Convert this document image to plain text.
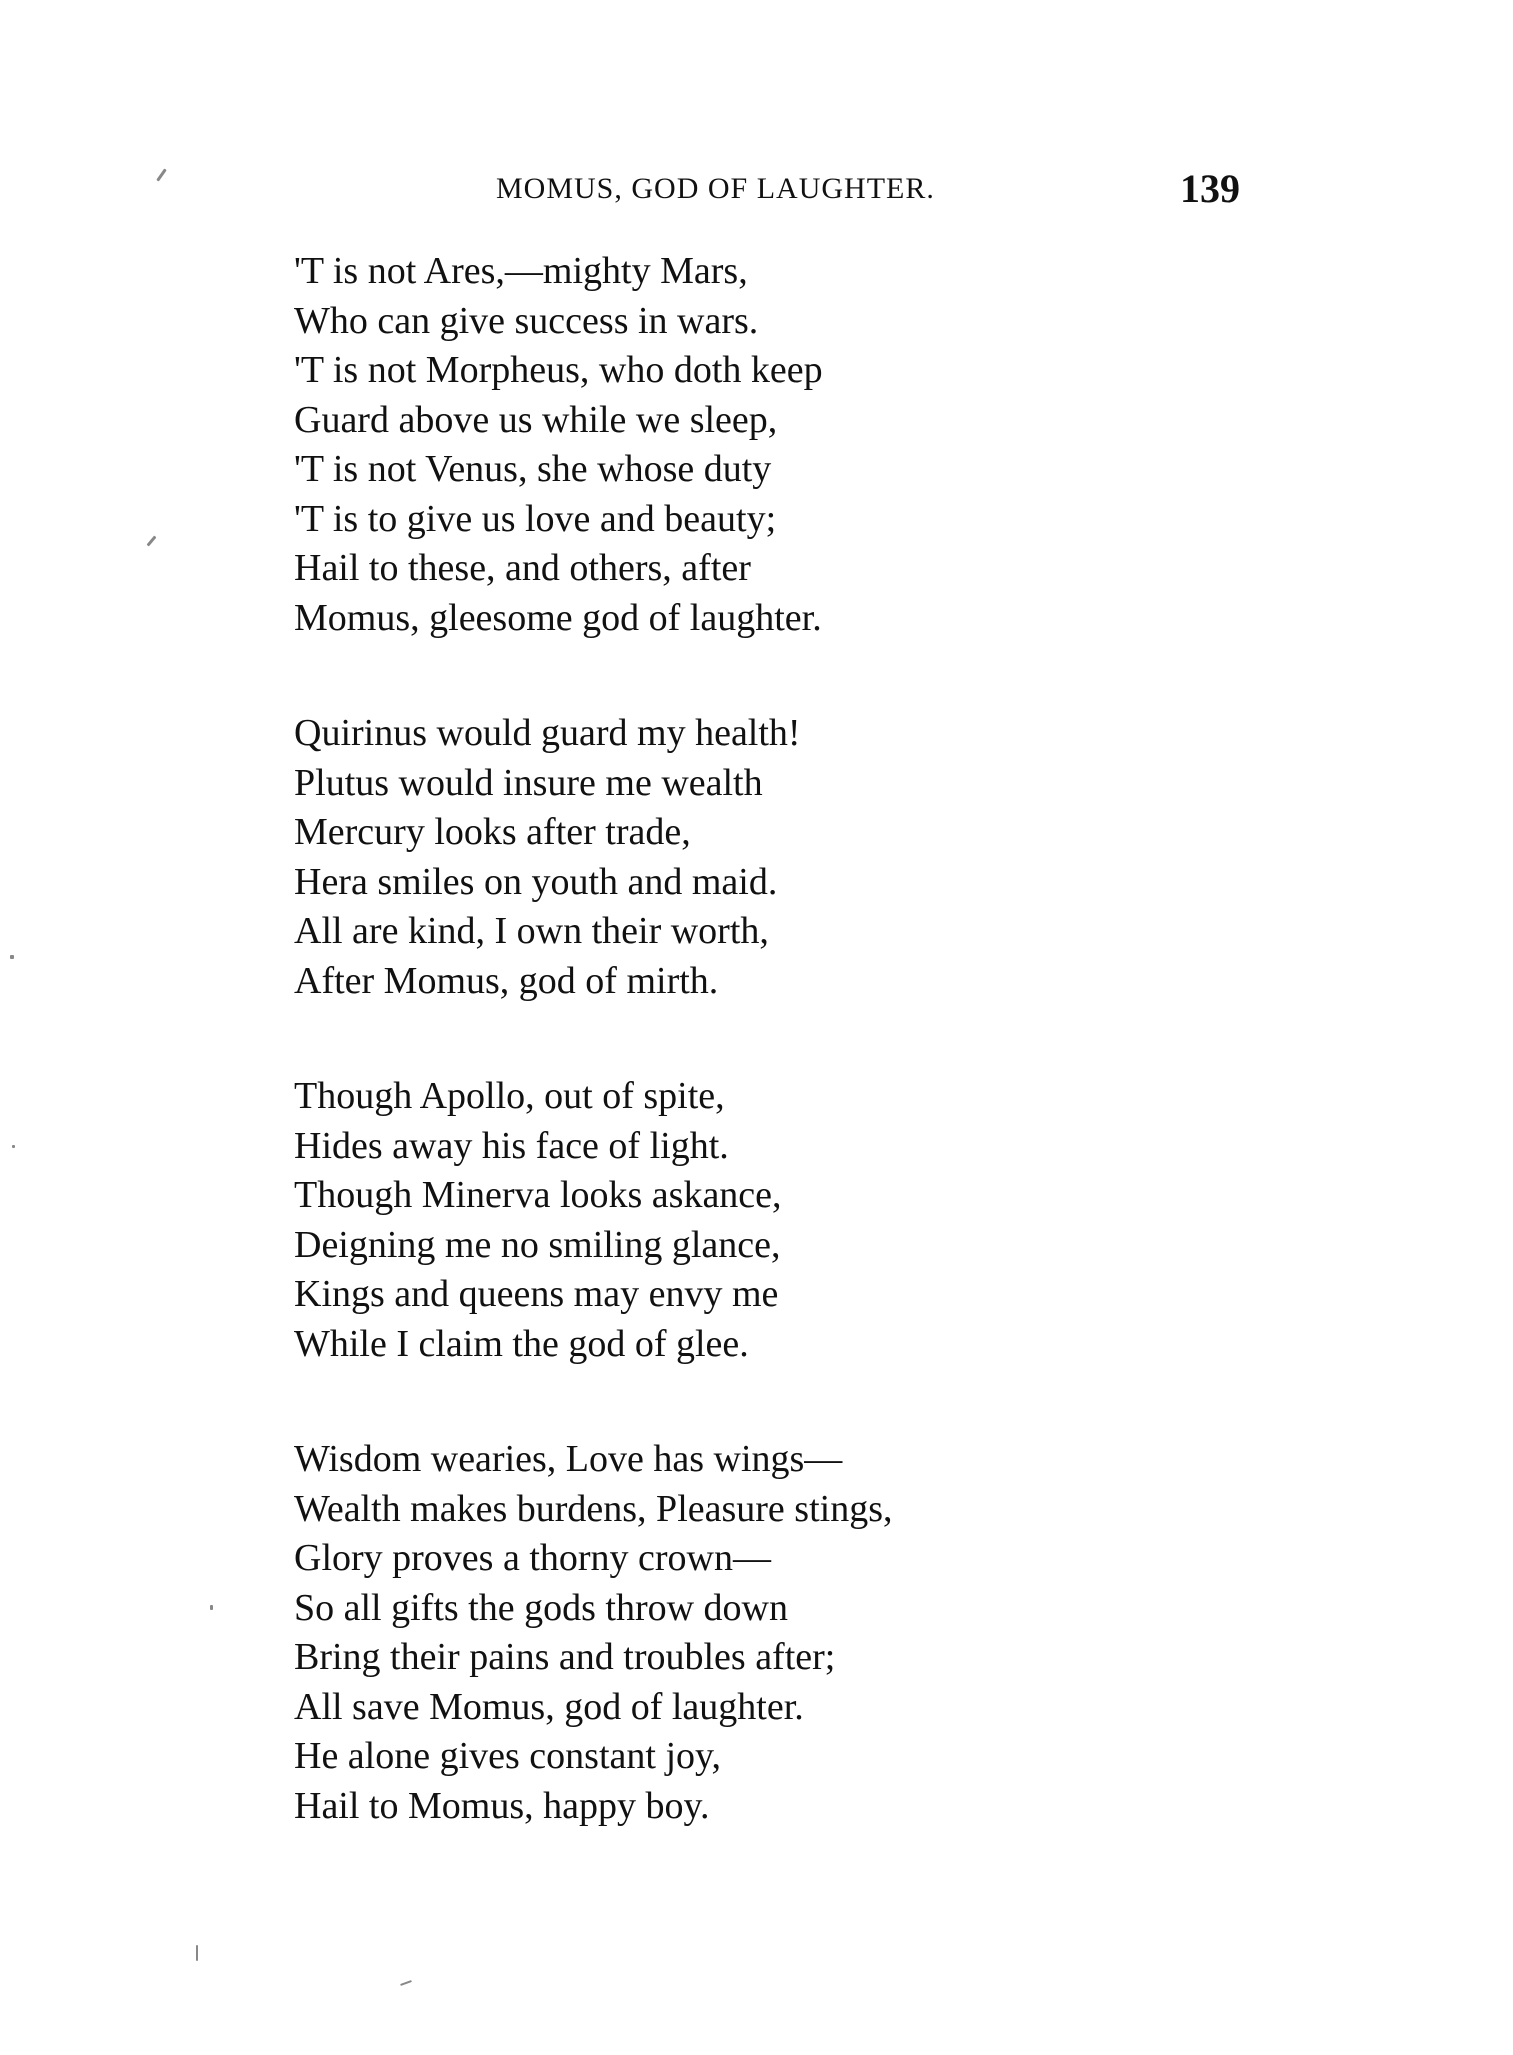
MOMUS, GOD OF LAUGHTER.	139
'T is not Ares,—mighty Mars,
Who can give success in wars.
'T is not Morpheus, who doth keep
Guard above us while we sleep,
'T is not Venus, she whose duty
'T is to give us love and beauty;
Hail to these, and others, after
Momus, gleesome god of laughter.
Quirinus would guard my health!
Plutus would insure me wealth
Mercury looks after trade,
Hera smiles on youth and maid.
All are kind, I own their worth,
After Momus, god of mirth.
Though Apollo, out of spite,
Hides away his face of light.
Though Minerva looks askance,
Deigning me no smiling glance,
Kings and queens may envy me
While I claim the god of glee.
Wisdom wearies, Love has wings—
Wealth makes burdens, Pleasure stings,
Glory proves a thorny crown—
So all gifts the gods throw down
Bring their pains and troubles after;
All save Momus, god of laughter.
He alone gives constant joy,
Hail to Momus, happy boy.
